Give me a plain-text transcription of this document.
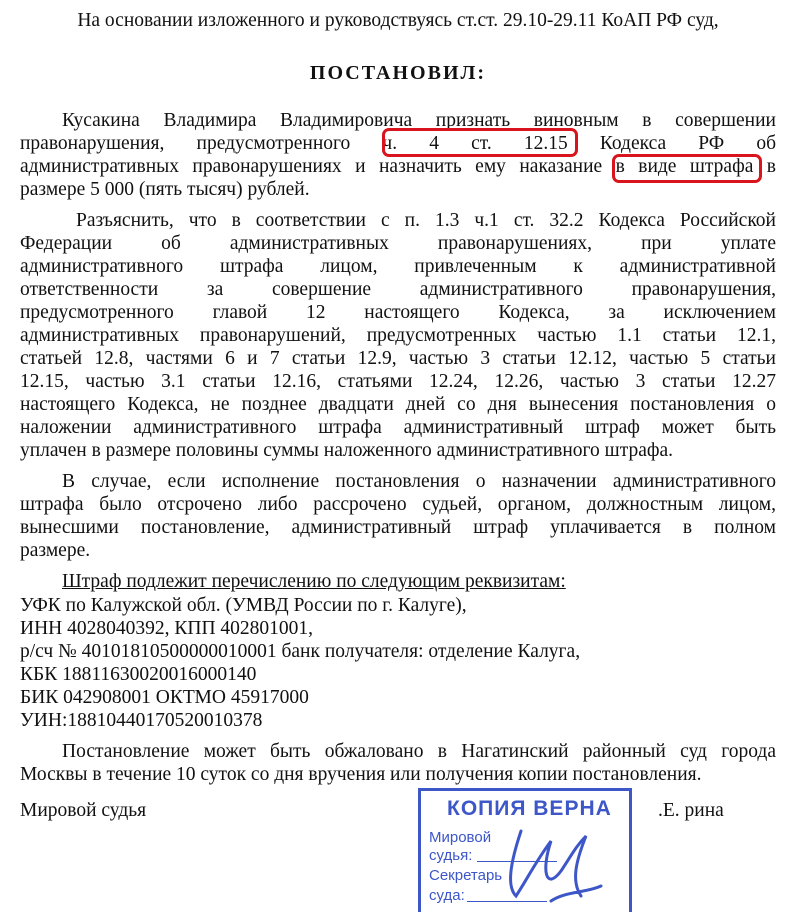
На основании изложенного и руководствуясь ст.ст. 29.10-29.11 КоАП РФ суд,
ПОСТАНОВИЛ:
Кусакина Владимира Владимировича признать виновным в совершении
правонарушения, предусмотренного ч. 4 ст. 12.15 Кодекса РФ об
административных правонарушениях и назначить ему наказание в виде штрафа в
размере 5 000 (пять тысяч) рублей.
Разъяснить, что в соответствии с п. 1.3 ч.1 ст. 32.2 Кодекса Российской
Федерации об административных правонарушениях, при уплате
административного штрафа лицом, привлеченным к административной
ответственности за совершение административного правонарушения,
предусмотренного главой 12 настоящего Кодекса, за исключением
административных правонарушений, предусмотренных частью 1.1 статьи 12.1,
статьей 12.8, частями 6 и 7 статьи 12.9, частью 3 статьи 12.12, частью 5 статьи
12.15, частью 3.1 статьи 12.16, статьями 12.24, 12.26, частью 3 статьи 12.27
настоящего Кодекса, не позднее двадцати дней со дня вынесения постановления о
наложении административного штрафа административный штраф может быть
уплачен в размере половины суммы наложенного административного штрафа.
В случае, если исполнение постановления о назначении административного
штрафа было отсрочено либо рассрочено судьей, органом, должностным лицом,
вынесшими постановление, административный штраф уплачивается в полном
размере.
Штраф подлежит перечислению по следующим реквизитам:
УФК по Калужской обл. (УМВД России по г. Калуге),
ИНН 4028040392, КПП 402801001,
р/сч № 40101810500000010001 банк получателя: отделение Калуга,
КБК 18811630020016000140
БИК 042908001 ОКТМО 45917000
УИН:18810440170520010378
Постановление может быть обжаловано в Нагатинский районный суд города
Москвы в течение 10 суток со дня вручения или получения копии постановления.
Мировой судья	.Е. рина
КОПИЯ ВЕРНА
Мировой
судья:
Секретарь
суда:
